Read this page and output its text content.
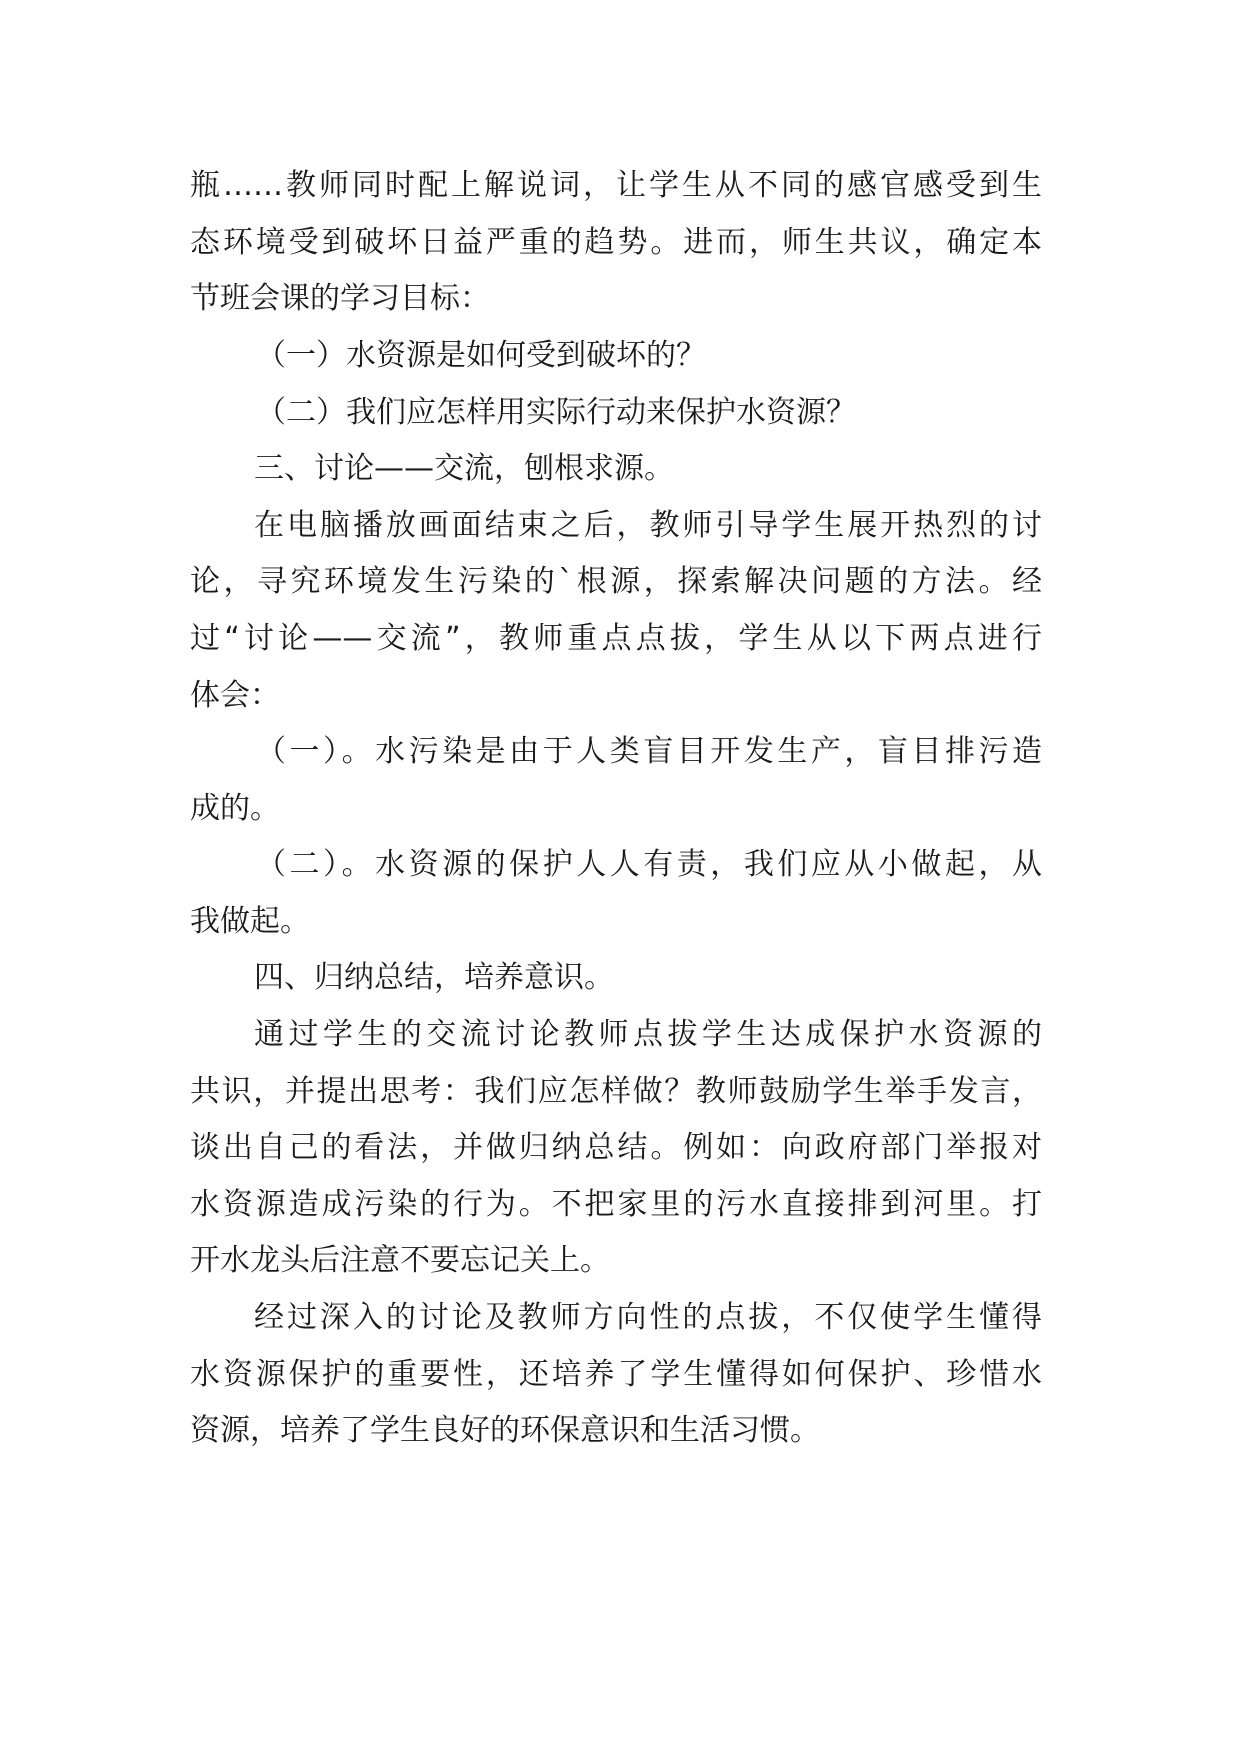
瓶……教师同时配上解说词，让学生从不同的感官感受到生

态环境受到破坏日益严重的趋势。进而，师生共议，确定本

节班会课的学习目标：

（一）水资源是如何受到破坏的？

（二）我们应怎样用实际行动来保护水资源？

三、讨论——交流，刨根求源。

在电脑播放画面结束之后，教师引导学生展开热烈的讨

论，寻究环境发生污染的`根源，探索解决问题的方法。经

过“讨论——交流”，教师重点点拔，学生从以下两点进行

体会：

（一）。水污染是由于人类盲目开发生产，盲目排污造

成的。

（二）。水资源的保护人人有责，我们应从小做起，从

我做起。

四、归纳总结，培养意识。

通过学生的交流讨论教师点拔学生达成保护水资源的

共识，并提出思考：我们应怎样做？教师鼓励学生举手发言，

谈出自己的看法，并做归纳总结。例如：向政府部门举报对

水资源造成污染的行为。不把家里的污水直接排到河里。打

开水龙头后注意不要忘记关上。

经过深入的讨论及教师方向性的点拔，不仅使学生懂得

水资源保护的重要性，还培养了学生懂得如何保护、珍惜水

资源，培养了学生良好的环保意识和生活习惯。
